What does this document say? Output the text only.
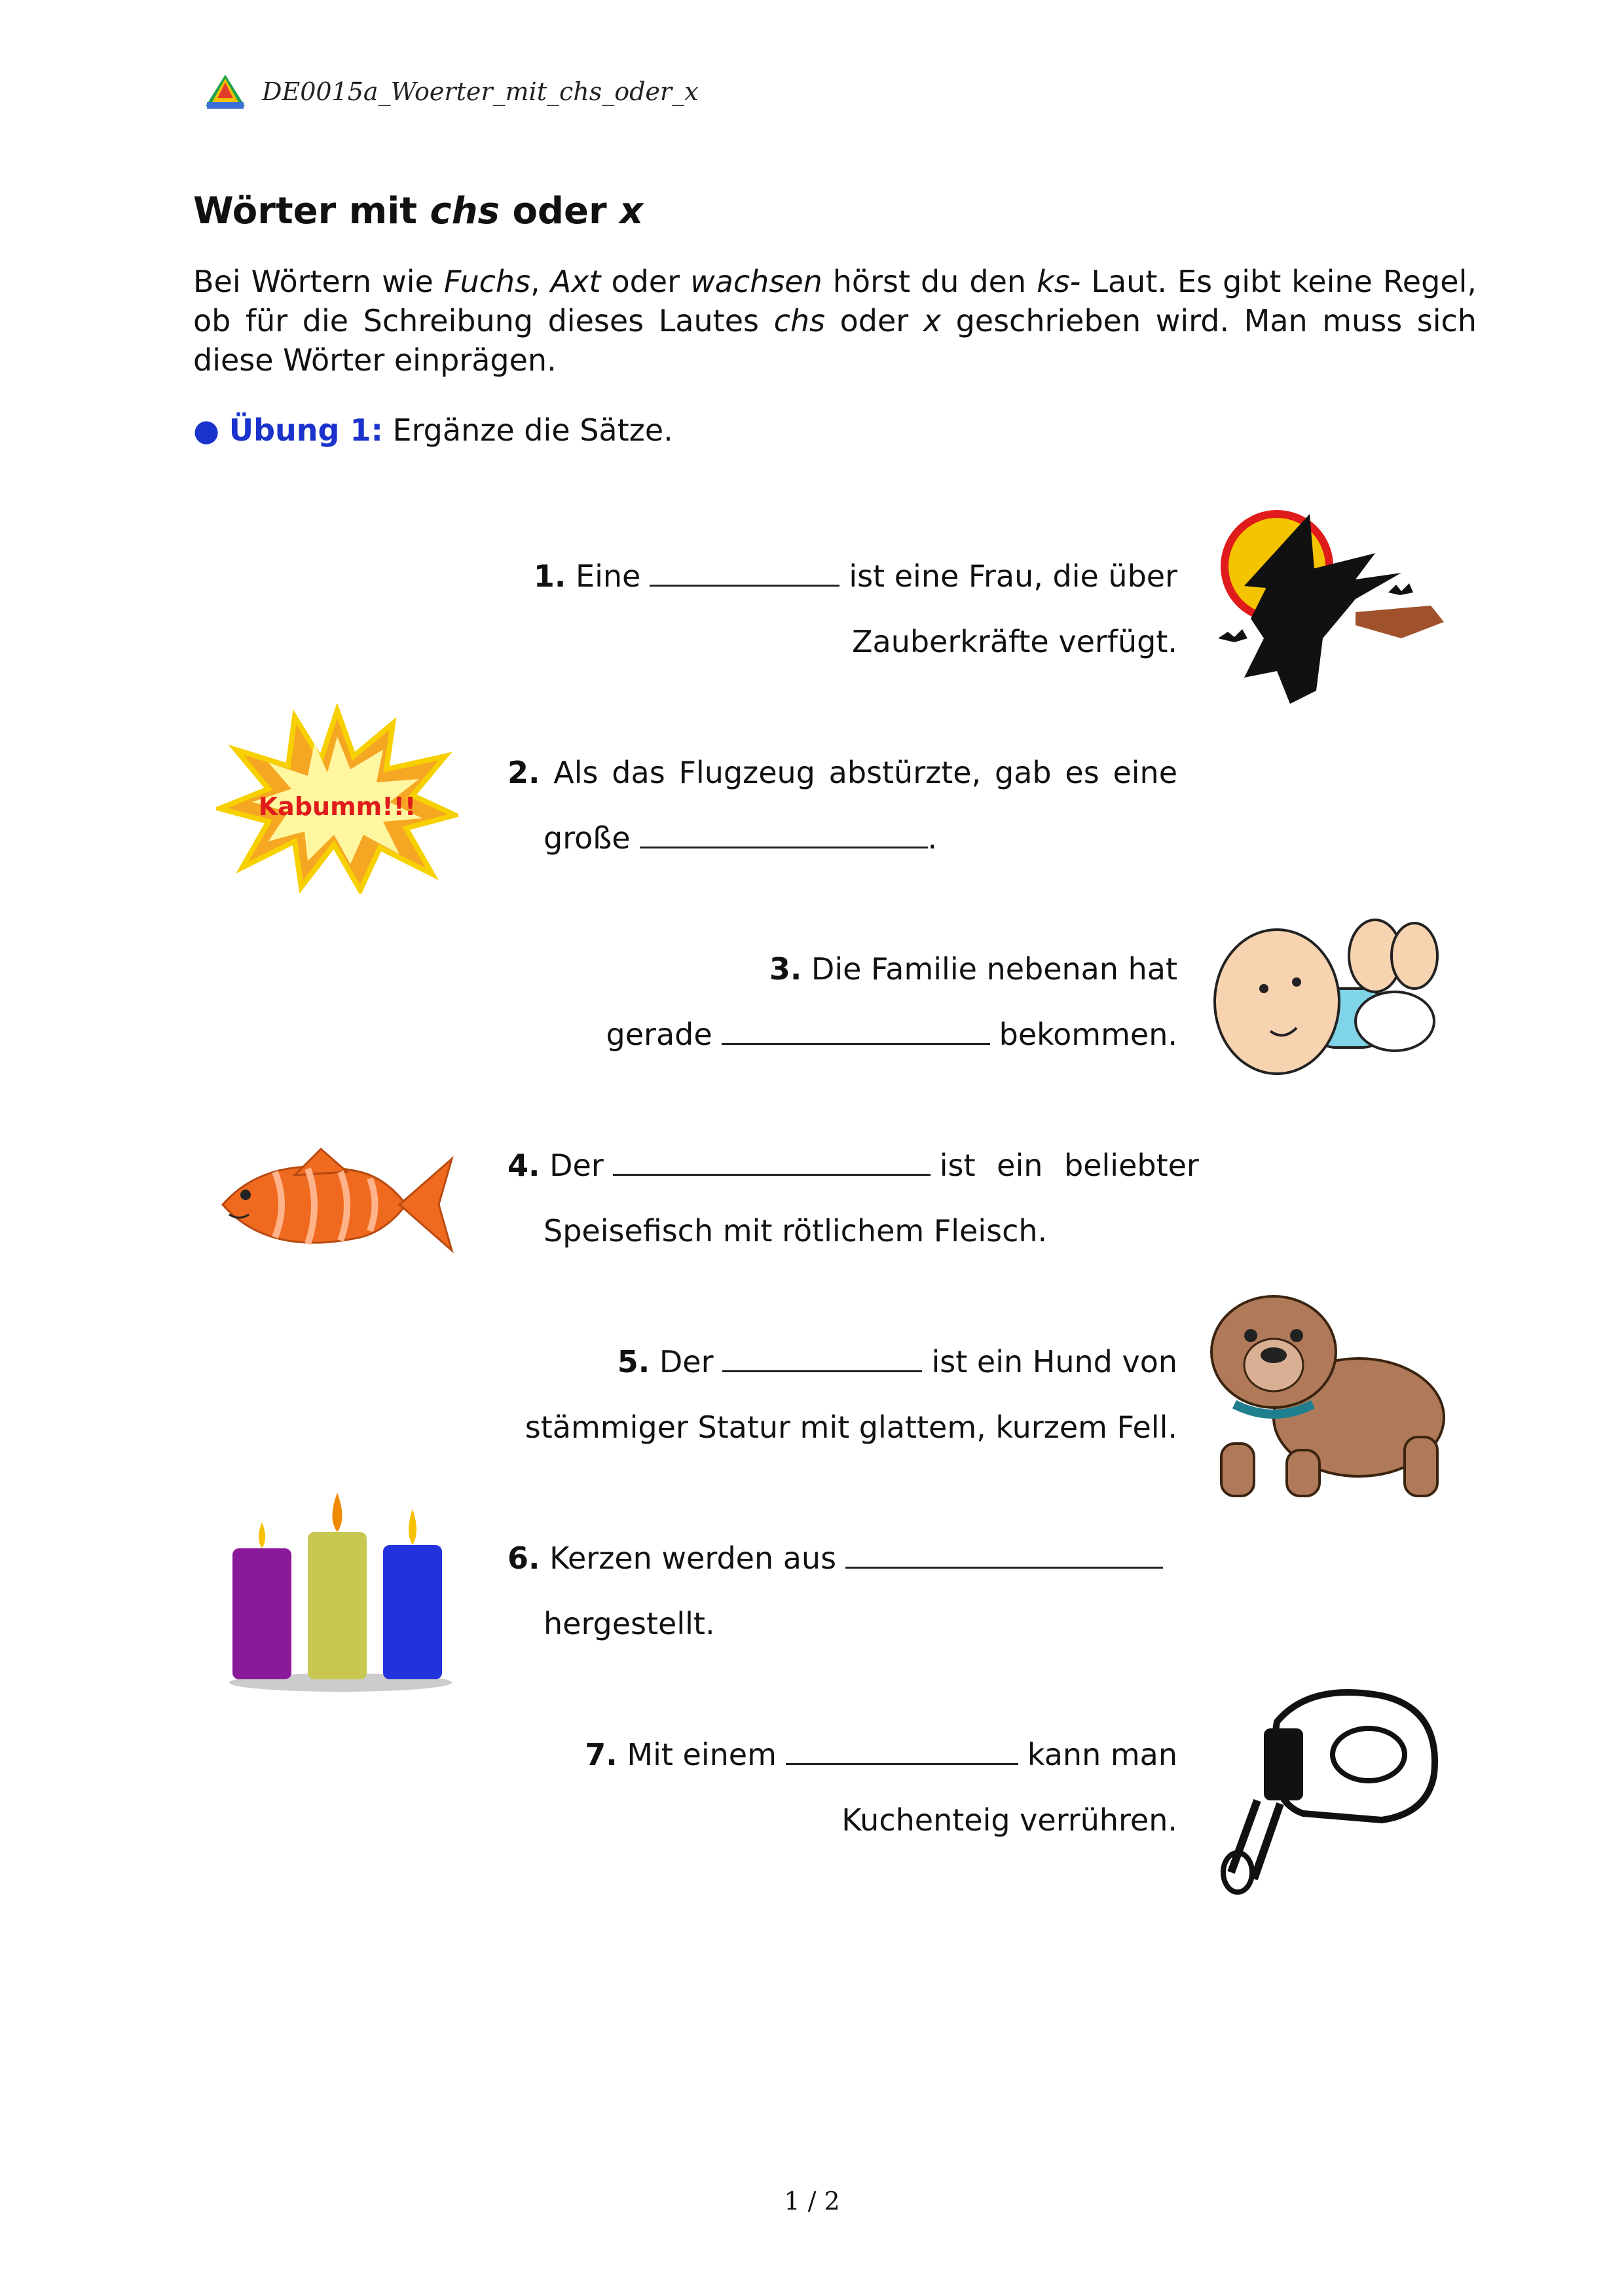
DE0015a_Woerter_mit_chs_oder_x
Wörter mit chs oder x
Bei Wörtern wie Fuchs, Axt oder wachsen hörst du den ks- Laut. Es gibt keine Regel, ob für die Schreibung dieses Lautes chs oder x geschrieben wird. Man muss sich diese Wörter einprägen.
● Übung 1: Ergänze die Sätze.
1. Eine	ist eine Frau, die über
Zauberkräfte verfügt.
2. Als das Flugzeug abstürzte, gab es eine
große	.
3. Die Familie nebenan hat
gerade	bekommen.
4. Der	ist ein beliebter
Speisefisch mit rötlichem Fleisch.
5. Der	ist ein Hund von
stämmiger Statur mit glattem, kurzem Fell.
6. Kerzen werden aus
hergestellt.
7. Mit einem	kann man
Kuchenteig verrühren.
Kabumm!!!
1 / 2
